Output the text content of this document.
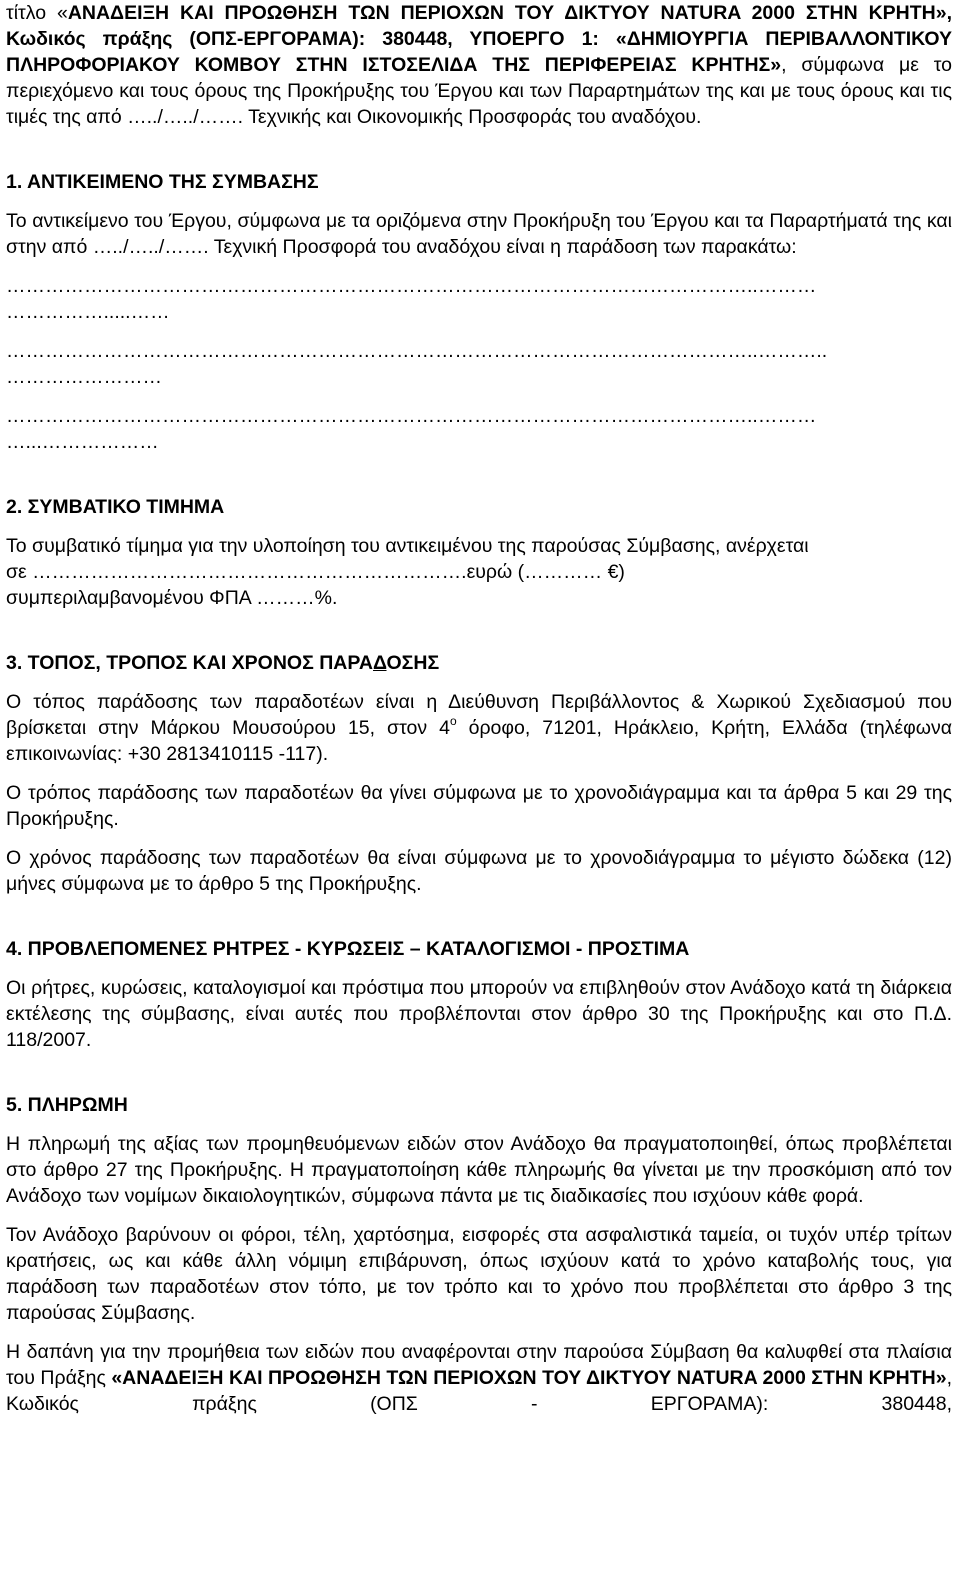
τίτλο «ΑΝΑΔΕΙΞΗ ΚΑΙ ΠΡΟΩΘΗΣΗ ΤΩΝ ΠΕΡΙΟΧΩΝ ΤΟΥ ΔΙΚΤΥΟΥ NATURA 2000 ΣΤΗΝ ΚΡΗΤΗ», Κωδικός πράξης (ΟΠΣ-ΕΡΓΟΡΑΜΑ): 380448, ΥΠΟΕΡΓΟ 1: «ΔΗΜΙΟΥΡΓΙΑ ΠΕΡΙΒΑΛΛΟΝΤΙΚΟΥ ΠΛΗΡΟΦΟΡΙΑΚΟΥ ΚΟΜΒΟΥ ΣΤΗΝ ΙΣΤΟΣΕΛΙΔΑ ΤΗΣ ΠΕΡΙΦΕΡΕΙΑΣ ΚΡΗΤΗΣ», σύμφωνα με το περιεχόμενο και τους όρους της Προκήρυξης του Έργου και των Παραρτημάτων της και με τους όρους και τις τιμές της από …../…../……. Τεχνικής και Οικονομικής Προσφοράς του αναδόχου.

1. ΑΝΤΙΚΕΙΜΕΝΟ ΤΗΣ ΣΥΜΒΑΣΗΣ

Το αντικείμενο του Έργου, σύμφωνα με τα οριζόμενα στην Προκήρυξη του Έργου και τα Παραρτήματά της και στην από …../…../……. Τεχνική Προσφορά του αναδόχου είναι η παράδοση των παρακάτω:

……………………………………………………………………………………………………..………

…………….....……

……………………………………………………………………………………………………..………..

……………………

……………………………………………………………………………………………………..………

…...………………

2. ΣΥΜΒΑΤΙΚΟ ΤΙΜΗΜΑ

Το συμβατικό τίμημα για την υλοποίηση του αντικειμένου της παρούσας Σύμβασης, ανέρχεται

σε ………………………………………………………….ευρώ (………… €)

συμπεριλαμβανομένου ΦΠΑ ………%.

3. ΤΟΠΟΣ, ΤΡΟΠΟΣ ΚΑΙ ΧΡΟΝΟΣ ΠΑΡΑΔΟΣΗΣ

Ο τόπος παράδοσης των παραδοτέων είναι η Διεύθυνση Περιβάλλοντος & Χωρικού Σχεδιασμού που βρίσκεται στην Μάρκου Μουσούρου 15, στον $4^o$ όροφο, 71201, Ηράκλειο, Κρήτη, Ελλάδα (τηλέφωνα επικοινωνίας: +30 2813410115 -117).

Ο τρόπος παράδοσης των παραδοτέων θα γίνει σύμφωνα με το χρονοδιάγραμμα και τα άρθρα 5 και 29 της Προκήρυξης.

Ο χρόνος παράδοσης των παραδοτέων θα είναι σύμφωνα με το χρονοδιάγραμμα το μέγιστο δώδεκα (12) μήνες σύμφωνα με το άρθρο 5 της Προκήρυξης.

4. ΠΡΟΒΛΕΠΟΜΕΝΕΣ ΡΗΤΡΕΣ - ΚΥΡΩΣΕΙΣ – ΚΑΤΑΛΟΓΙΣΜΟΙ - ΠΡΟΣΤΙΜΑ

Οι ρήτρες, κυρώσεις, καταλογισμοί και πρόστιμα που μπορούν να επιβληθούν στον Ανάδοχο κατά τη διάρκεια εκτέλεσης της σύμβασης, είναι αυτές που προβλέπονται στον άρθρο 30 της Προκήρυξης και στο Π.Δ. 118/2007.

5. ΠΛΗΡΩΜΗ

Η πληρωμή της αξίας των προμηθευόμενων ειδών στον Ανάδοχο θα πραγματοποιηθεί, όπως προβλέπεται στο άρθρο 27 της Προκήρυξης. Η πραγματοποίηση κάθε πληρωμής θα γίνεται με την προσκόμιση από τον Ανάδοχο των νομίμων δικαιολογητικών, σύμφωνα πάντα με τις διαδικασίες που ισχύουν κάθε φορά.

Τον Ανάδοχο βαρύνουν οι φόροι, τέλη, χαρτόσημα, εισφορές στα ασφαλιστικά ταμεία, οι τυχόν υπέρ τρίτων κρατήσεις, ως και κάθε άλλη νόμιμη επιβάρυνση, όπως ισχύουν κατά το χρόνο καταβολής τους, για παράδοση των παραδοτέων στον τόπο, με τον τρόπο και το χρόνο που προβλέπεται στο άρθρο 3 της παρούσας Σύμβασης.

Η δαπάνη για την προμήθεια των ειδών που αναφέρονται στην παρούσα Σύμβαση θα καλυφθεί στα πλαίσια του Πράξης «ΑΝΑΔΕΙΞΗ ΚΑΙ ΠΡΟΩΘΗΣΗ ΤΩΝ ΠΕΡΙΟΧΩΝ ΤΟΥ ΔΙΚΤΥΟΥ NATURA 2000 ΣΤΗΝ ΚΡΗΤΗ», Κωδικός πράξης (ΟΠΣ - ΕΡΓΟΡΑΜΑ): 380448,
